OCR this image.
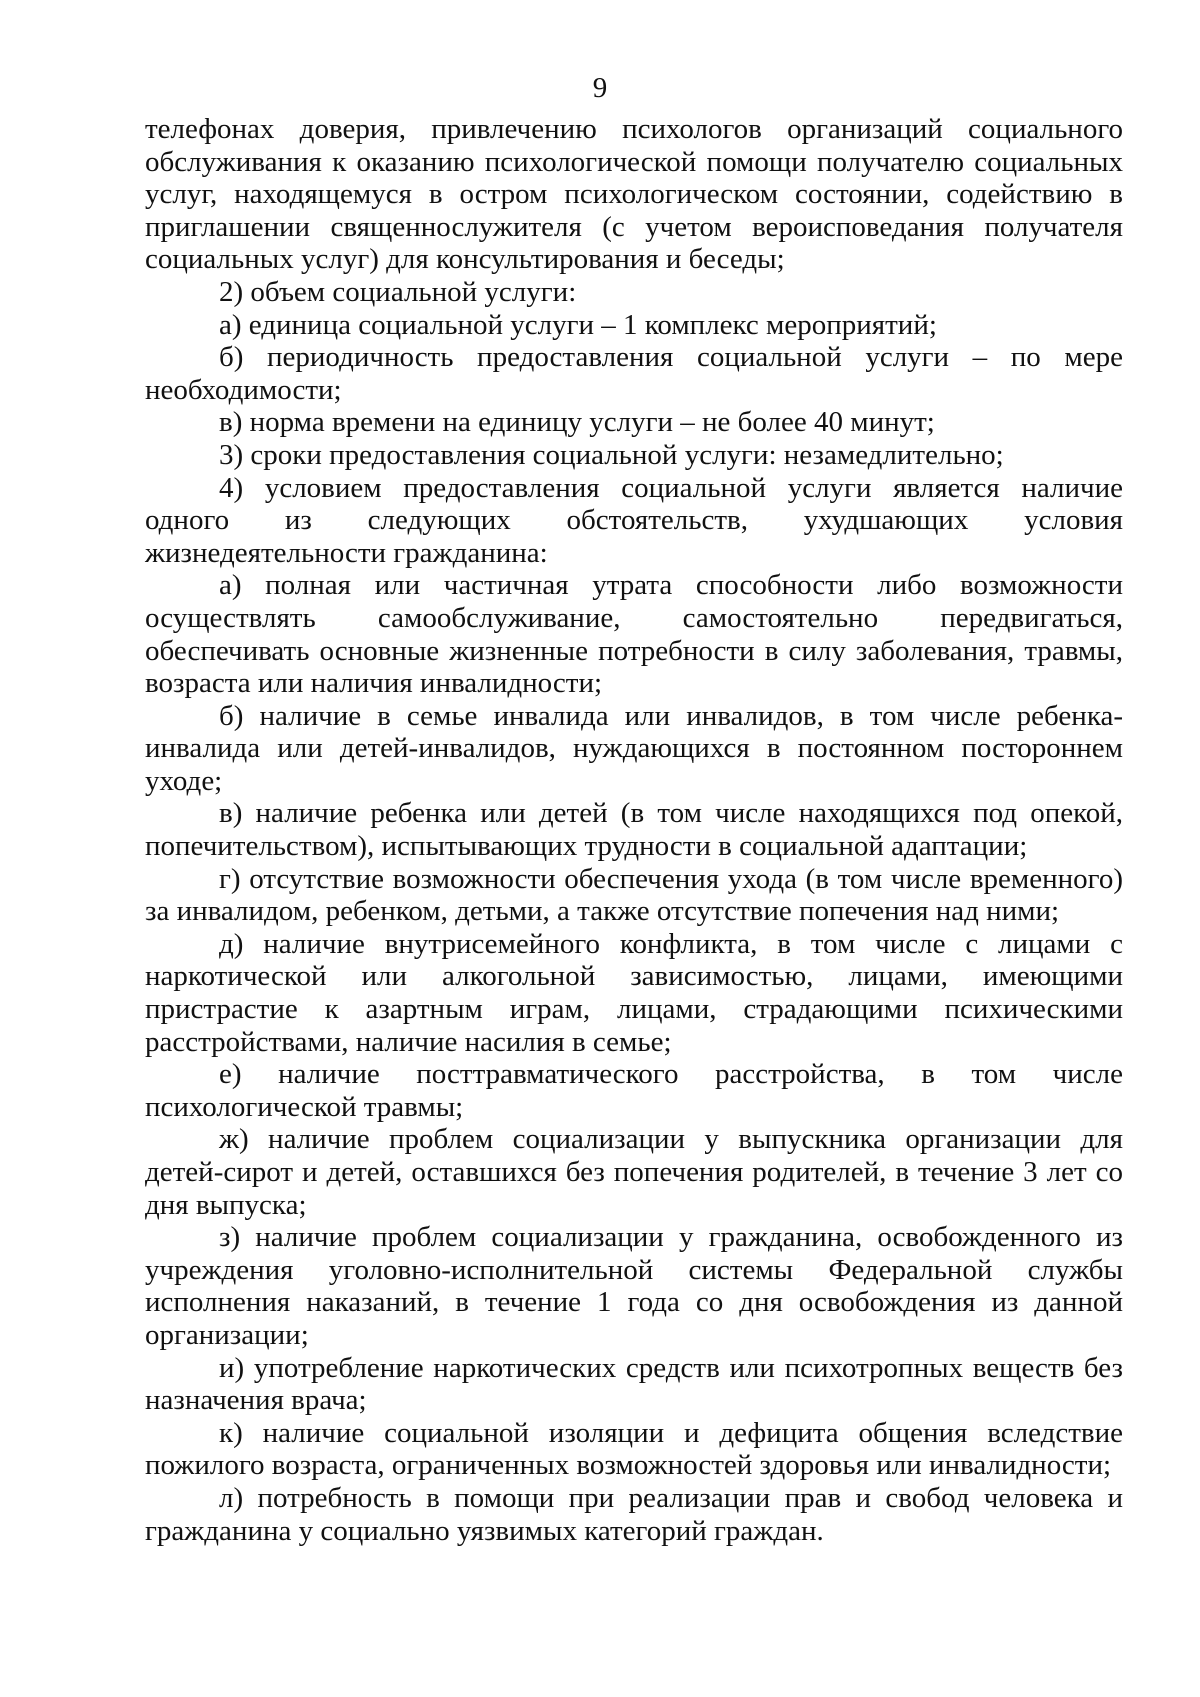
9

телефонах доверия, привлечению психологов организаций социального обслуживания к оказанию психологической помощи получателю социальных услуг, находящемуся в остром психологическом состоянии, содействию в приглашении священнослужителя (с учетом вероисповедания получателя социальных услуг) для консультирования и беседы;

2) объем социальной услуги:

а) единица социальной услуги – 1 комплекс мероприятий;

б) периодичность предоставления социальной услуги – по мере необходимости;

в) норма времени на единицу услуги – не более 40 минут;

3) сроки предоставления социальной услуги: незамедлительно;

4) условием предоставления социальной услуги является наличие одного из следующих обстоятельств, ухудшающих условия жизнедеятельности гражданина:

а) полная или частичная утрата способности либо возможности осуществлять самообслуживание, самостоятельно передвигаться, обеспечивать основные жизненные потребности в силу заболевания, травмы, возраста или наличия инвалидности;

б) наличие в семье инвалида или инвалидов, в том числе ребенка-инвалида или детей-инвалидов, нуждающихся в постоянном постороннем уходе;

в) наличие ребенка или детей (в том числе находящихся под опекой, попечительством), испытывающих трудности в социальной адаптации;

г) отсутствие возможности обеспечения ухода (в том числе временного) за инвалидом, ребенком, детьми, а также отсутствие попечения над ними;

д) наличие внутрисемейного конфликта, в том числе с лицами с наркотической или алкогольной зависимостью, лицами, имеющими пристрастие к азартным играм, лицами, страдающими психическими расстройствами, наличие насилия в семье;

е) наличие посттравматического расстройства, в том числе психологической травмы;

ж) наличие проблем социализации у выпускника организации для детей-сирот и детей, оставшихся без попечения родителей, в течение 3 лет со дня выпуска;

з) наличие проблем социализации у гражданина, освобожденного из учреждения уголовно-исполнительной системы Федеральной службы исполнения наказаний, в течение 1 года со дня освобождения из данной организации;

и) употребление наркотических средств или психотропных веществ без назначения врача;

к) наличие социальной изоляции и дефицита общения вследствие пожилого возраста, ограниченных возможностей здоровья или инвалидности;

л) потребность в помощи при реализации прав и свобод человека и гражданина у социально уязвимых категорий граждан.
